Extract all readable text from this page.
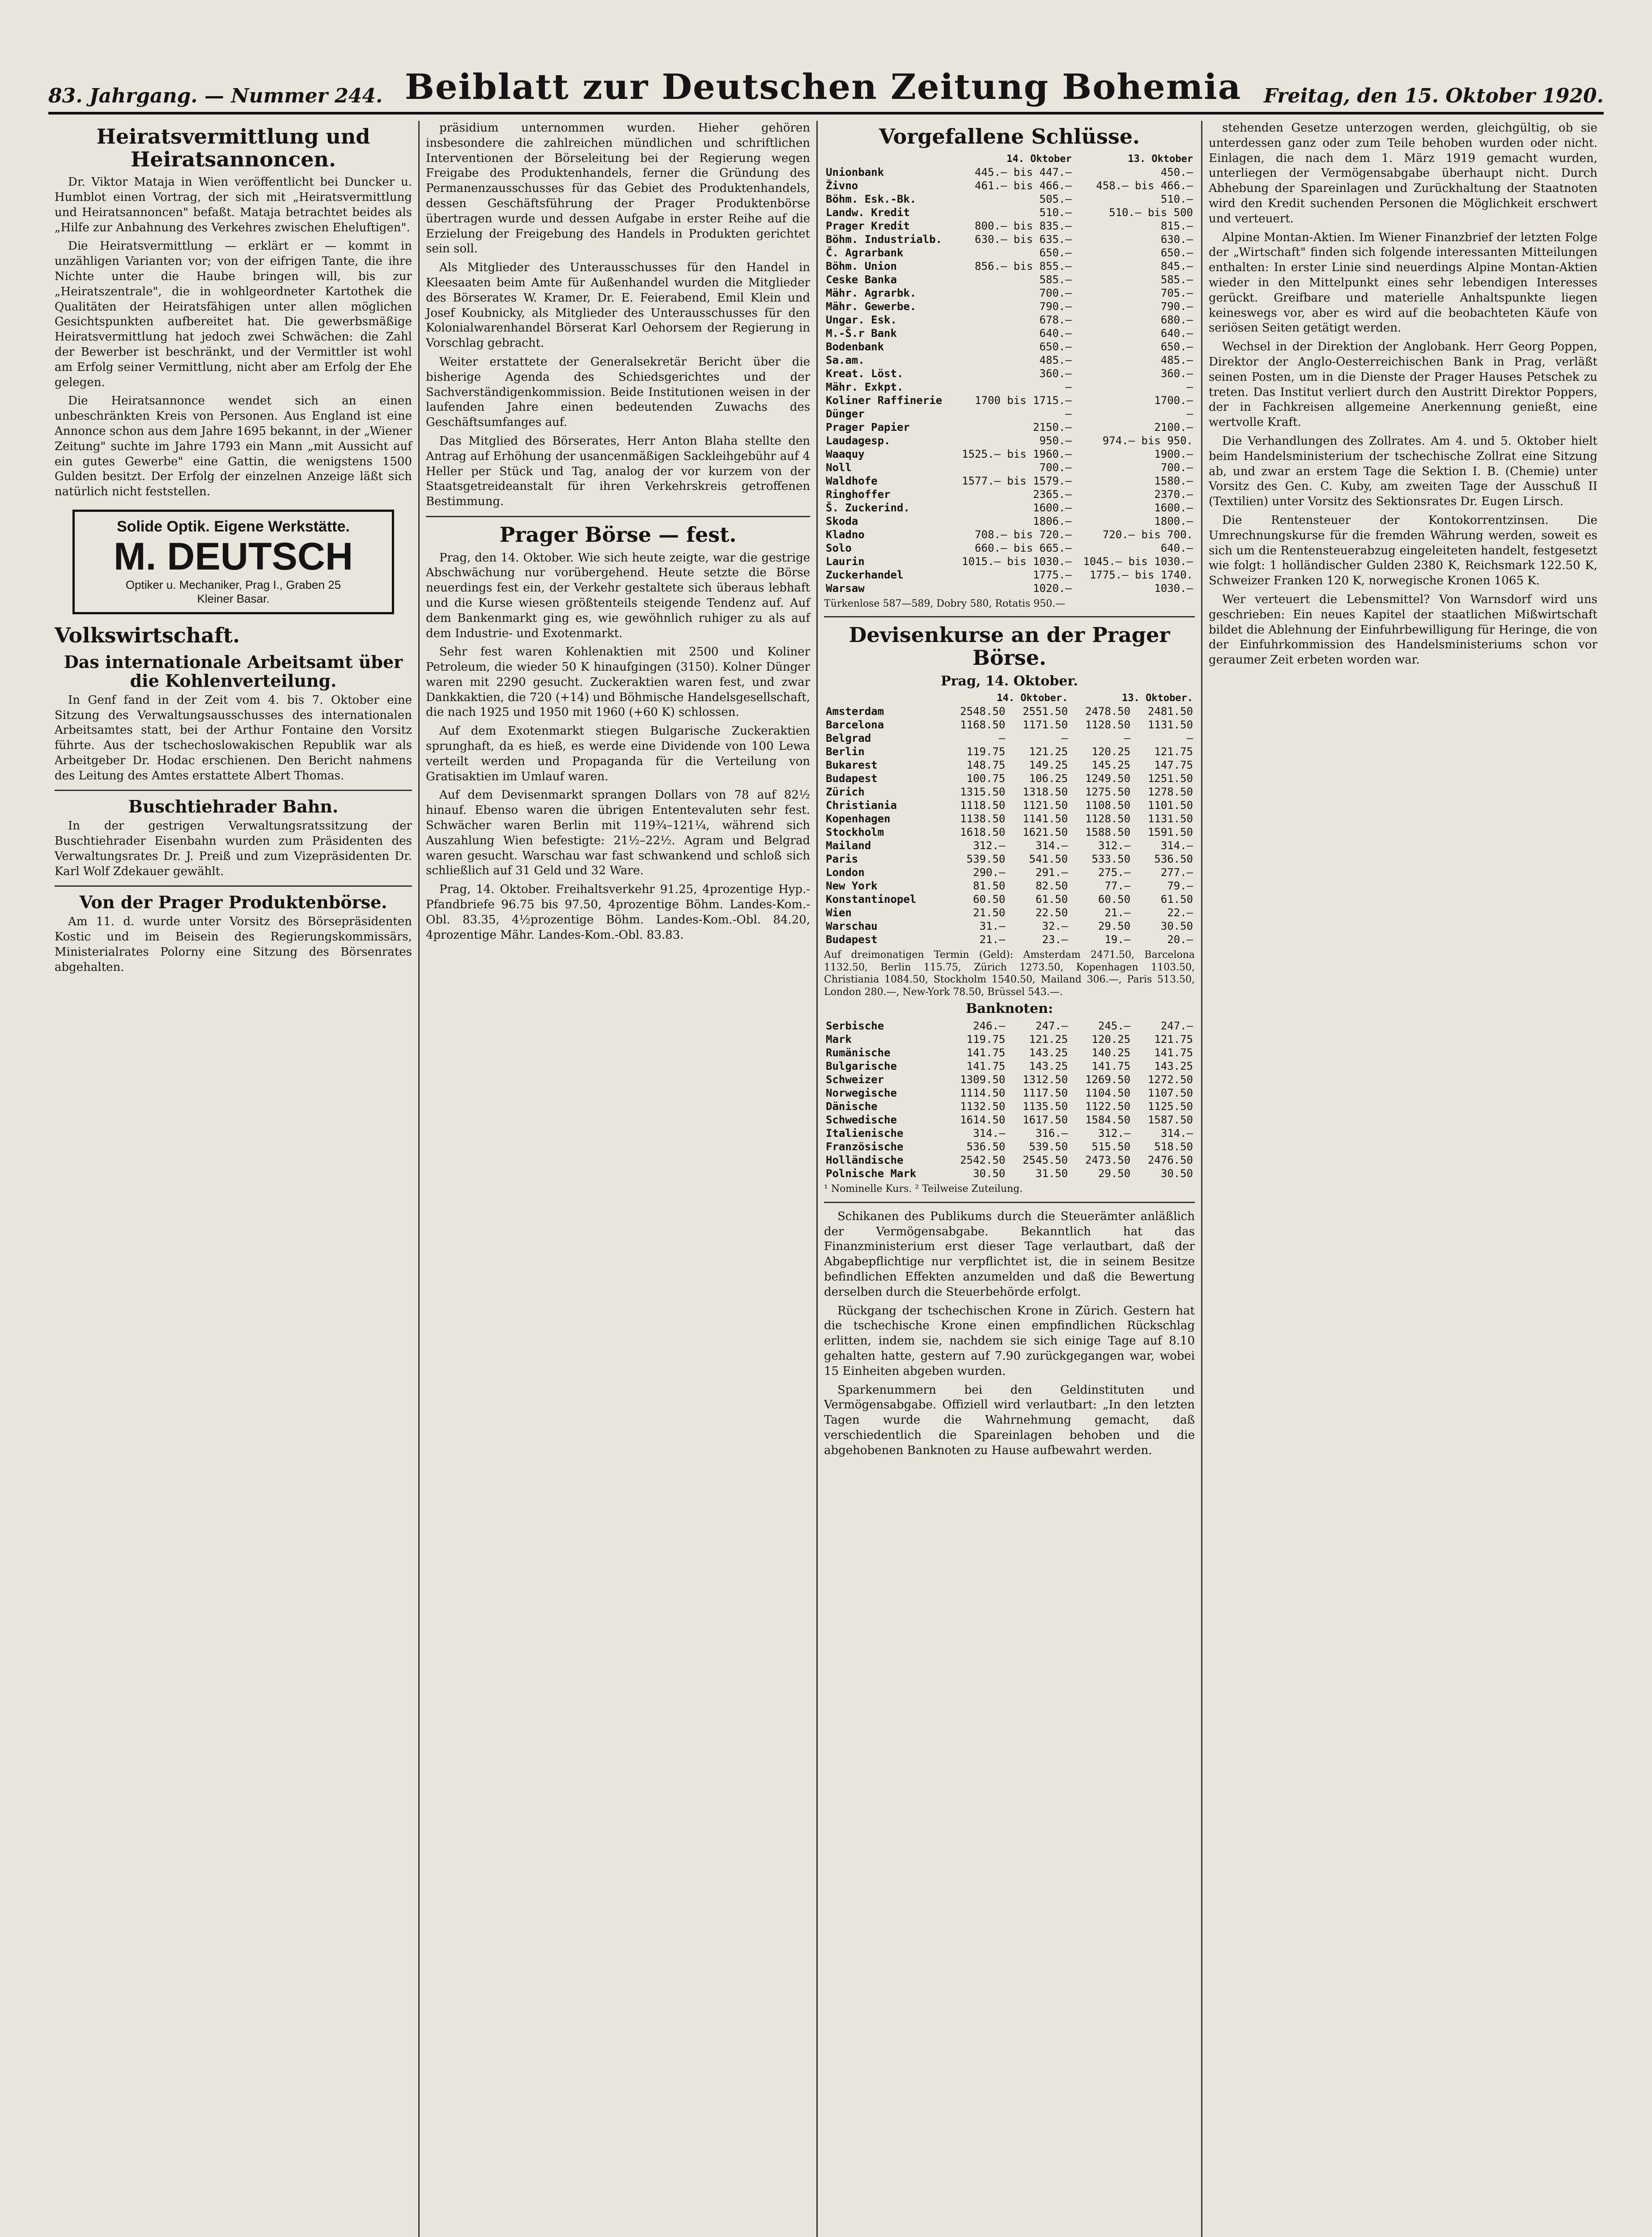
83. Jahrgang. — Nummer 244. Beiblatt zur Deutschen Zeitung Bohemia Freitag, den 15. Oktober 1920.
Heiratsvermittlung und Heiratsannoncen.

Dr. Viktor Mataja in Wien veröffentlicht bei Duncker u. Humblot einen Vortrag, der sich mit „Heiratsvermittlung und Heiratsannoncen" befaßt. Mataja betrachtet beides als „Hilfe zur Anbahnung des Verkehres zwischen Eheluftigen".

Die Heiratsvermittlung — erklärt er — kommt in unzähligen Varianten vor; von der eifrigen Tante, die ihre Nichte unter die Haube bringen will, bis zur „Heiratszentrale", die in wohlgeordneter Kartothek die Qualitäten der Heiratsfähigen unter allen möglichen Gesichtspunkten aufbereitet hat. Die gewerbsmäßige Heiratsvermittlung hat jedoch zwei Schwächen: die Zahl der Bewerber ist beschränkt, und der Vermittler ist wohl am Erfolg seiner Vermittlung, nicht aber am Erfolg der Ehe gelegen.

Die Heiratsannonce wendet sich an einen unbeschränkten Kreis von Personen. Aus England ist eine Annonce schon aus dem Jahre 1695 bekannt, in der „Wiener Zeitung" suchte im Jahre 1793 ein Mann „mit Aussicht auf ein gutes Gewerbe" eine Gattin, die wenigstens 1500 Gulden besitzt. Der Erfolg der einzelnen Anzeige läßt sich natürlich nicht feststellen.

Solide Optik. Eigene Werkstätte.
M. DEUTSCH
Optiker u. Mechaniker, Prag I., Graben 25
Kleiner Basar.
Volkswirtschaft.
Das internationale Arbeitsamt über die Kohlenverteilung.

In Genf fand in der Zeit vom 4. bis 7. Oktober eine Sitzung des Verwaltungsausschusses des internationalen Arbeitsamtes statt, bei der Arthur Fontaine den Vorsitz führte. Aus der tschechoslowakischen Republik war als Arbeitgeber Dr. Hodac erschienen. Den Bericht nahmens des Leitung des Amtes erstattete Albert Thomas.

Buschtiehrader Bahn.

In der gestrigen Verwaltungsratssitzung der Buschtiehrader Eisenbahn wurden zum Präsidenten des Verwaltungsrates Dr. J. Preiß und zum Vizepräsidenten Dr. Karl Wolf Zdekauer gewählt.

Von der Prager Produktenbörse.

Am 11. d. wurde unter Vorsitz des Börsepräsidenten Kostic und im Beisein des Regierungskommissärs, Ministerialrates Polorny eine Sitzung des Börsenrates abgehalten.

präsidium unternommen wurden. Hieher gehören insbesondere die zahlreichen mündlichen und schriftlichen Interventionen der Börseleitung bei der Regierung wegen Freigabe des Produktenhandels, ferner die Gründung des Permanenzausschusses für das Gebiet des Produktenhandels, dessen Geschäftsführung der Prager Produktenbörse übertragen wurde und dessen Aufgabe in erster Reihe auf die Erzielung der Freigebung des Handels in Produkten gerichtet sein soll.

Als Mitglieder des Unterausschusses für den Handel in Kleesaaten beim Amte für Außenhandel wurden die Mitglieder des Börserates W. Kramer, Dr. E. Feierabend, Emil Klein und Josef Koubnicky, als Mitglieder des Unterausschusses für den Kolonialwarenhandel Börserat Karl Oehorsem der Regierung in Vorschlag gebracht.

Weiter erstattete der Generalsekretär Bericht über die bisherige Agenda des Schiedsgerichtes und der Sachverständigenkommission. Beide Institutionen weisen in der laufenden Jahre einen bedeutenden Zuwachs des Geschäftsumfanges auf.

Das Mitglied des Börserates, Herr Anton Blaha stellte den Antrag auf Erhöhung der usancenmäßigen Sackleihgebühr auf 4 Heller per Stück und Tag, analog der vor kurzem von der Staatsgetreideanstalt für ihren Verkehrskreis getroffenen Bestimmung.

Prager Börse — fest.

Prag, den 14. Oktober. Wie sich heute zeigte, war die gestrige Abschwächung nur vorübergehend. Heute setzte die Börse neuerdings fest ein, der Verkehr gestaltete sich überaus lebhaft und die Kurse wiesen größtenteils steigende Tendenz auf. Auf dem Bankenmarkt ging es, wie gewöhnlich ruhiger zu als auf dem Industrie- und Exotenmarkt.

Sehr fest waren Kohlenaktien mit 2500 und Koliner Petroleum, die wieder 50 K hinaufgingen (3150). Kolner Dünger waren mit 2290 gesucht. Zuckeraktien waren fest, und zwar Dankkaktien, die 720 (+14) und Böhmische Handelsgesellschaft, die nach 1925 und 1950 mit 1960 (+60 K) schlossen.

Auf dem Exotenmarkt stiegen Bulgarische Zuckeraktien sprunghaft, da es hieß, es werde eine Dividende von 100 Lewa verteilt werden und Propaganda für die Verteilung von Gratisaktien im Umlauf waren.

Auf dem Devisenmarkt sprangen Dollars von 78 auf 82½ hinauf. Ebenso waren die übrigen Ententevaluten sehr fest. Schwächer waren Berlin mit 119¾–121¼, während sich Auszahlung Wien befestigte: 21½–22½. Agram und Belgrad waren gesucht. Warschau war fast schwankend und schloß sich schließlich auf 31 Geld und 32 Ware.

Prag, 14. Oktober. Freihaltsverkehr 91.25, 4prozentige Hyp.-Pfandbriefe 96.75 bis 97.50, 4prozentige Böhm. Landes-Kom.-Obl. 83.35, 4½prozentige Böhm. Landes-Kom.-Obl. 84.20, 4prozentige Mähr. Landes-Kom.-Obl. 83.83.

Vorgefallene Schlüsse.
	14. Oktober	13. Oktober
Unionbank	445.— bis 447.—	450.—
Živno	461.— bis 466.—	458.— bis 466.—
Böhm. Esk.-Bk.	505.—	510.—
Landw. Kredit	510.—	510.— bis 500
Prager Kredit	800.— bis 835.—	815.—
Böhm. Industrialb.	630.— bis 635.—	630.—
Č. Agrarbank	650.—	650.—
Böhm. Union	856.— bis 855.—	845.—
Ceske Banka	585.—	585.—
Mähr. Agrarbk.	700.—	705.—
Mähr. Gewerbe.	790.—	790.—
Ungar. Esk.	678.—	680.—
M.-Š.r Bank	640.—	640.—
Bodenbank	650.—	650.—
Sa.am.	485.—	485.—
Kreat. Löst.	360.—	360.—
Mähr. Exkpt.	—	—
Koliner Raffinerie	1700 bis 1715.—	1700.—
Dünger	—	—
Prager Papier	2150.—	2100.—
Laudagesp.	950.—	974.— bis 950.
Waaquy	1525.— bis 1960.—	1900.—
Noll	700.—	700.—
Waldhofe	1577.— bis 1579.—	1580.—
Ringhoffer	2365.—	2370.—
Š. Zuckerind.	1600.—	1600.—
Skoda	1806.—	1800.—
Kladno	708.— bis 720.—	720.— bis 700.
Solo	660.— bis 665.—	640.—
Laurin	1015.— bis 1030.—	1045.— bis 1030.—
Zuckerhandel	1775.—	1775.— bis 1740.
Warsaw	1020.—	1030.—

Türkenlose 587—589, Dobry 580, Rotatis 950.—

Devisenkurse an der Prager Börse.
Prag, 14. Oktober.
	14. Oktober.		13. Oktober.	
Amsterdam	2548.50	2551.50	2478.50	2481.50
Barcelona	1168.50	1171.50	1128.50	1131.50
Belgrad	—	—	—	—
Berlin	119.75	121.25	120.25	121.75
Bukarest	148.75	149.25	145.25	147.75
Budapest	100.75	106.25	1249.50	1251.50
Zürich	1315.50	1318.50	1275.50	1278.50
Christiania	1118.50	1121.50	1108.50	1101.50
Kopenhagen	1138.50	1141.50	1128.50	1131.50
Stockholm	1618.50	1621.50	1588.50	1591.50
Mailand	312.—	314.—	312.—	314.—
Paris	539.50	541.50	533.50	536.50
London	290.—	291.—	275.—	277.—
New York	81.50	82.50	77.—	79.—
Konstantinopel	60.50	61.50	60.50	61.50
Wien	21.50	22.50	21.—	22.—
Warschau	31.—	32.—	29.50	30.50
Budapest	21.—	23.—	19.—	20.—

Auf dreimonatigen Termin (Geld): Amsterdam 2471.50, Barcelona 1132.50, Berlin 115.75, Zürich 1273.50, Kopenhagen 1103.50, Christiania 1084.50, Stockholm 1540.50, Mailand 306.—, Paris 513.50, London 280.—, New-York 78.50, Brüssel 543.—.

Banknoten:
Serbische	246.—	247.—	245.—	247.—
Mark	119.75	121.25	120.25	121.75
Rumänische	141.75	143.25	140.25	141.75
Bulgarische	141.75	143.25	141.75	143.25
Schweizer	1309.50	1312.50	1269.50	1272.50
Norwegische	1114.50	1117.50	1104.50	1107.50
Dänische	1132.50	1135.50	1122.50	1125.50
Schwedische	1614.50	1617.50	1584.50	1587.50
Italienische	314.—	316.—	312.—	314.—
Französische	536.50	539.50	515.50	518.50
Holländische	2542.50	2545.50	2473.50	2476.50
Polnische Mark	30.50	31.50	29.50	30.50

¹ Nominelle Kurs. ² Teilweise Zuteilung.

Schikanen des Publikums durch die Steuerämter anläßlich der Vermögensabgabe. Bekanntlich hat das Finanzministerium erst dieser Tage verlautbart, daß der Abgabepflichtige nur verpflichtet ist, die in seinem Besitze befindlichen Effekten anzumelden und daß die Bewertung derselben durch die Steuerbehörde erfolgt.

Rückgang der tschechischen Krone in Zürich. Gestern hat die tschechische Krone einen empfindlichen Rückschlag erlitten, indem sie, nachdem sie sich einige Tage auf 8.10 gehalten hatte, gestern auf 7.90 zurückgegangen war, wobei 15 Einheiten abgeben wurden.

Sparkenummern bei den Geldinstituten und Vermögensabgabe. Offiziell wird verlautbart: „In den letzten Tagen wurde die Wahrnehmung gemacht, daß verschiedentlich die Spareinlagen behoben und die abgehobenen Banknoten zu Hause aufbewahrt werden.

stehenden Gesetze unterzogen werden, gleichgültig, ob sie unterdessen ganz oder zum Teile behoben wurden oder nicht. Einlagen, die nach dem 1. März 1919 gemacht wurden, unterliegen der Vermögensabgabe überhaupt nicht. Durch Abhebung der Spareinlagen und Zurückhaltung der Staatnoten wird den Kredit suchenden Personen die Möglichkeit erschwert und verteuert.

Alpine Montan-Aktien. Im Wiener Finanzbrief der letzten Folge der „Wirtschaft" finden sich folgende interessanten Mitteilungen enthalten: In erster Linie sind neuerdings Alpine Montan-Aktien wieder in den Mittelpunkt eines sehr lebendigen Interesses gerückt. Greifbare und materielle Anhaltspunkte liegen keineswegs vor, aber es wird auf die beobachteten Käufe von seriösen Seiten getätigt werden.

Wechsel in der Direktion der Anglobank. Herr Georg Poppen, Direktor der Anglo-Oesterreichischen Bank in Prag, verläßt seinen Posten, um in die Dienste der Prager Hauses Petschek zu treten. Das Institut verliert durch den Austritt Direktor Poppers, der in Fachkreisen allgemeine Anerkennung genießt, eine wertvolle Kraft.

Die Verhandlungen des Zollrates. Am 4. und 5. Oktober hielt beim Handelsministerium der tschechische Zollrat eine Sitzung ab, und zwar an erstem Tage die Sektion I. B. (Chemie) unter Vorsitz des Gen. C. Kuby, am zweiten Tage der Ausschuß II (Textilien) unter Vorsitz des Sektionsrates Dr. Eugen Lirsch.

Die Rentensteuer der Kontokorrentzinsen. Die Umrechnungskurse für die fremden Währung werden, soweit es sich um die Rentensteuerabzug eingeleiteten handelt, festgesetzt wie folgt: 1 holländischer Gulden 2380 K, Reichsmark 122.50 K, Schweizer Franken 120 K, norwegische Kronen 1065 K.

Wer verteuert die Lebensmittel? Von Warnsdorf wird uns geschrieben: Ein neues Kapitel der staatlichen Mißwirtschaft bildet die Ablehnung der Einfuhrbewilligung für Heringe, die von der Einfuhrkommission des Handelsministeriums schon vor geraumer Zeit erbeten worden war.
